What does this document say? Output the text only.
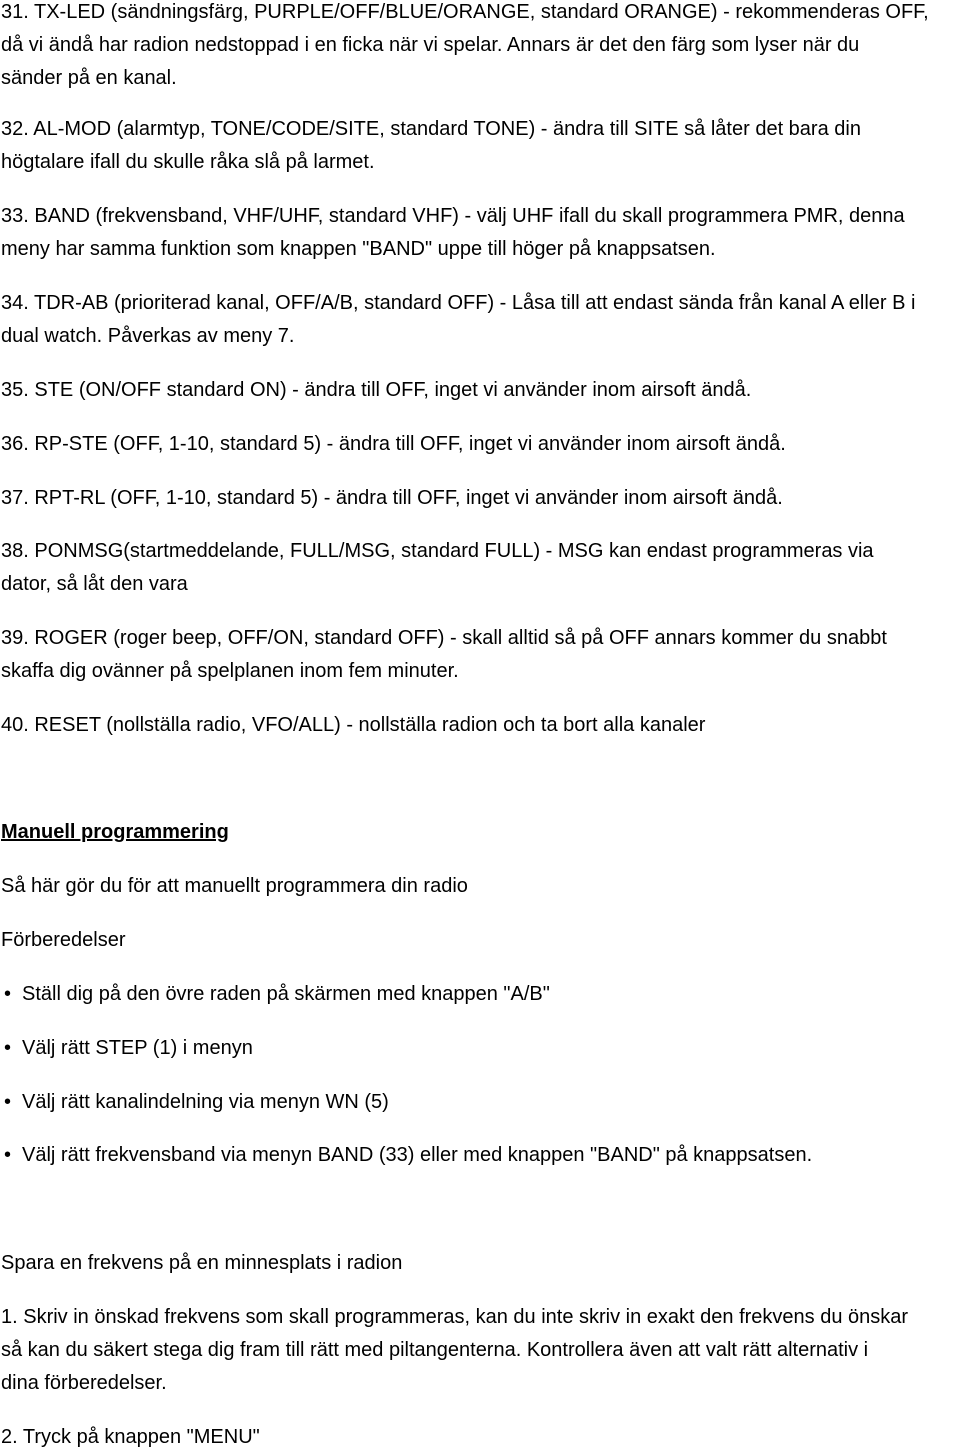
31. TX-LED (sändningsfärg, PURPLE/OFF/BLUE/ORANGE, standard ORANGE) - rekommenderas OFF,
då vi ändå har radion nedstoppad i en ficka när vi spelar. Annars är det den färg som lyser när du
sänder på en kanal.
32. AL-MOD (alarmtyp, TONE/CODE/SITE, standard TONE) - ändra till SITE så låter det bara din
högtalare ifall du skulle råka slå på larmet.
33. BAND (frekvensband, VHF/UHF, standard VHF) - välj UHF ifall du skall programmera PMR, denna
meny har samma funktion som knappen "BAND" uppe till höger på knappsatsen.
34. TDR-AB (prioriterad kanal, OFF/A/B, standard OFF) - Låsa till att endast sända från kanal A eller B i
dual watch. Påverkas av meny 7.
35. STE (ON/OFF standard ON) - ändra till OFF, inget vi använder inom airsoft ändå.
36. RP-STE (OFF, 1-10, standard 5) - ändra till OFF, inget vi använder inom airsoft ändå.
37. RPT-RL (OFF, 1-10, standard 5) - ändra till OFF, inget vi använder inom airsoft ändå.
38. PONMSG(startmeddelande, FULL/MSG, standard FULL) - MSG kan endast programmeras via
dator, så låt den vara
39. ROGER (roger beep, OFF/ON, standard OFF) - skall alltid så på OFF annars kommer du snabbt
skaffa dig ovänner på spelplanen inom fem minuter.
40. RESET (nollställa radio, VFO/ALL) - nollställa radion och ta bort alla kanaler
Manuell programmering
Så här gör du för att manuellt programmera din radio
Förberedelser
• Ställ dig på den övre raden på skärmen med knappen "A/B"
• Välj rätt STEP (1) i menyn
• Välj rätt kanalindelning via menyn WN (5)
• Välj rätt frekvensband via menyn BAND (33) eller med knappen "BAND" på knappsatsen.
Spara en frekvens på en minnesplats i radion
1. Skriv in önskad frekvens som skall programmeras, kan du inte skriv in exakt den frekvens du önskar
så kan du säkert stega dig fram till rätt med piltangenterna. Kontrollera även att valt rätt alternativ i
dina förberedelser.
2. Tryck på knappen "MENU"
